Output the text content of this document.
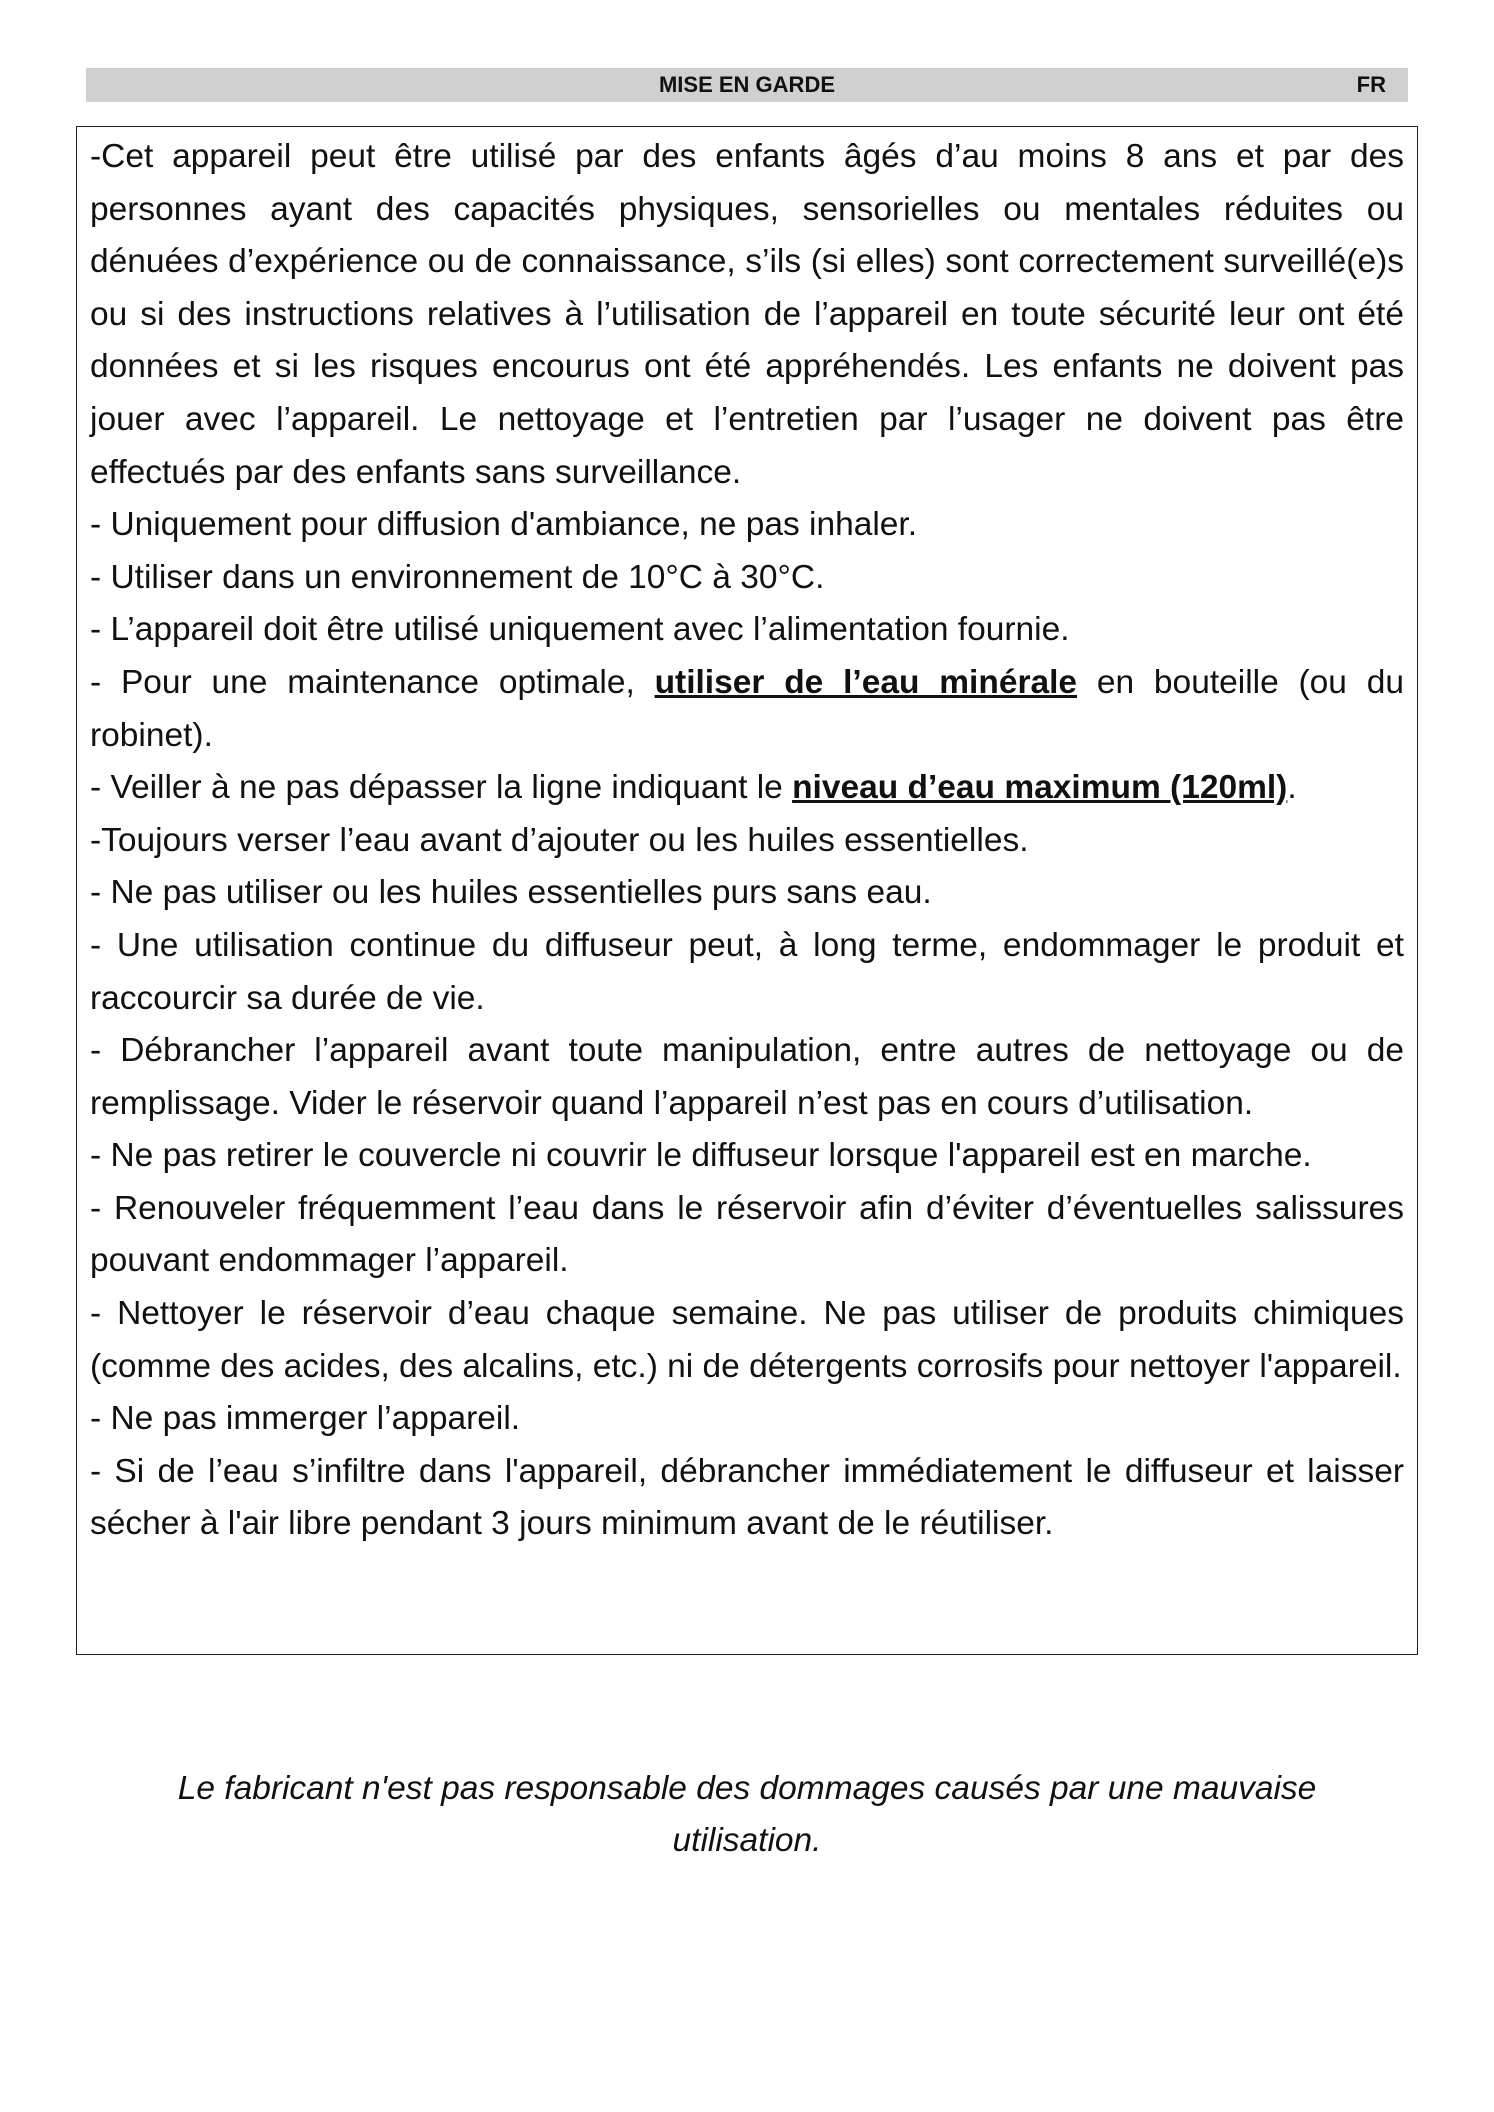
MISE EN GARDE	FR

-Cet appareil peut être utilisé par des enfants âgés d’au moins 8 ans et par des personnes ayant des capacités physiques, sensorielles ou mentales réduites ou dénuées d’expérience ou de connaissance, s’ils (si elles) sont correctement surveillé(e)s ou si des instructions relatives à l’utilisation de l’appareil en toute sécurité leur ont été données et si les risques encourus ont été appréhendés. Les enfants ne doivent pas jouer avec l’appareil. Le nettoyage et l’entretien par l’usager ne doivent pas être effectués par des enfants sans surveillance.

- Uniquement pour diffusion d'ambiance, ne pas inhaler.

- Utiliser dans un environnement de 10°C à 30°C.

- L’appareil doit être utilisé uniquement avec l’alimentation fournie.

- Pour une maintenance optimale, utiliser de l’eau minérale en bouteille (ou du robinet).

- Veiller à ne pas dépasser la ligne indiquant le niveau d’eau maximum (120ml).

-Toujours verser l’eau avant d’ajouter ou les huiles essentielles.

- Ne pas utiliser ou les huiles essentielles purs sans eau.

- Une utilisation continue du diffuseur peut, à long terme, endommager le produit et raccourcir sa durée de vie.

- Débrancher l’appareil avant toute manipulation, entre autres de nettoyage ou de remplissage. Vider le réservoir quand l’appareil n’est pas en cours d’utilisation.

- Ne pas retirer le couvercle ni couvrir le diffuseur lorsque l'appareil est en marche.

- Renouveler fréquemment l’eau dans le réservoir afin d’éviter d’éventuelles salissures pouvant endommager l’appareil.

- Nettoyer le réservoir d’eau chaque semaine. Ne pas utiliser de produits chimiques (comme des acides, des alcalins, etc.) ni de détergents corrosifs pour nettoyer l'appareil.

- Ne pas immerger l’appareil.

- Si de l’eau s’infiltre dans l'appareil, débrancher immédiatement le diffuseur et laisser sécher à l'air libre pendant 3 jours minimum avant de le réutiliser.

Le fabricant n'est pas responsable des dommages causés par une mauvaise utilisation.
